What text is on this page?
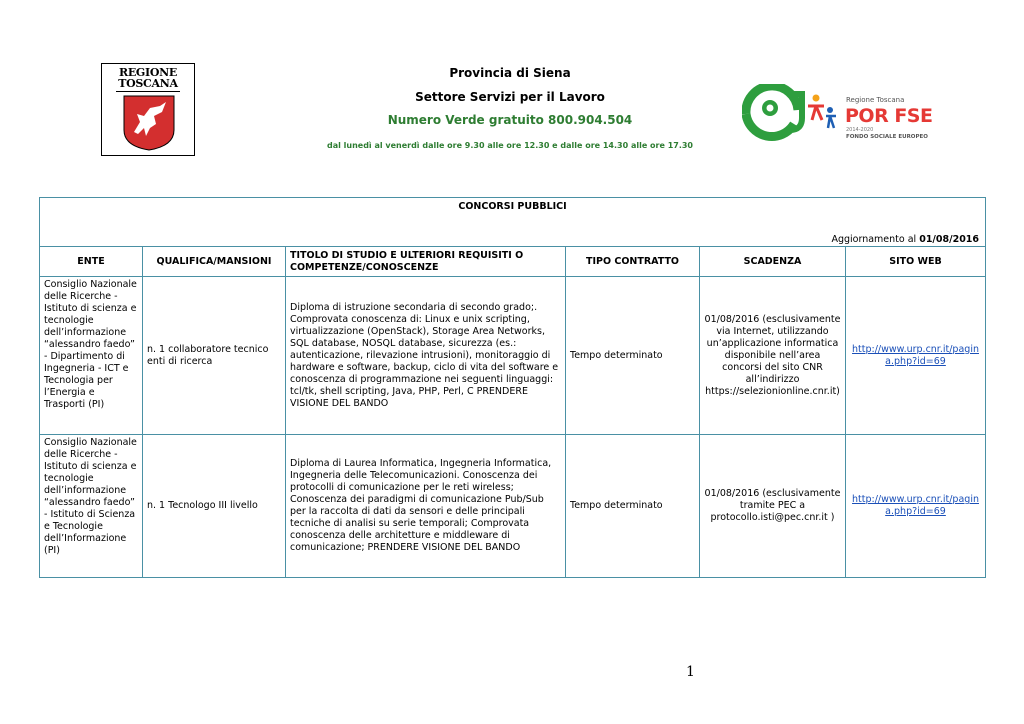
REGIONE TOSCANA
Provincia di Siena
Settore Servizi per il Lavoro
Numero Verde gratuito 800.904.504
dal lunedì al venerdì dalle ore 9.30 alle ore 12.30 e dalle ore 14.30 alle ore 17.30
Regione Toscana
POR FSE
2014-2020
FONDO SOCIALE EUROPEO
CONCORSI PUBBLICI					
Aggiornamento al 01/08/2016					
ENTE	QUALIFICA/MANSIONI	TITOLO DI STUDIO E ULTERIORI REQUISITI O COMPETENZE/CONOSCENZE	TIPO CONTRATTO	SCADENZA	SITO WEB
Consiglio Nazionale delle Ricerche - Istituto di scienza e tecnologie dell’informazione “alessandro faedo” - Dipartimento di Ingegneria - ICT e Tecnologia per l’Energia e Trasporti (PI)	n. 1 collaboratore tecnico enti di ricerca	Diploma di istruzione secondaria di secondo grado;. Comprovata conoscenza di: Linux e unix scripting, virtualizzazione (OpenStack), Storage Area Networks, SQL database, NOSQL database, sicurezza (es.: autenticazione, rilevazione intrusioni), monitoraggio di hardware e software, backup, ciclo di vita del software e conoscenza di programmazione nei seguenti linguaggi: tcl/tk, shell scripting, Java, PHP, Perl, C PRENDERE VISIONE DEL BANDO	Tempo determinato	01/08/2016 (esclusivamente via Internet, utilizzando un’applicazione informatica disponibile nell’area concorsi del sito CNR all’indirizzo https://selezionionline.cnr.it)	http://www.urp.cnr.it/pagina.php?id=69
Consiglio Nazionale delle Ricerche - Istituto di scienza e tecnologie dell’informazione “alessandro faedo” - Istituto di Scienza e Tecnologie dell’Informazione (PI)	n. 1 Tecnologo III livello	Diploma di Laurea Informatica, Ingegneria Informatica, Ingegneria delle Telecomunicazioni. Conoscenza dei protocolli di comunicazione per le reti wireless; Conoscenza dei paradigmi di comunicazione Pub/Sub per la raccolta di dati da sensori e delle principali tecniche di analisi su serie temporali; Comprovata conoscenza delle architetture e middleware di comunicazione; PRENDERE VISIONE DEL BANDO	Tempo determinato	01/08/2016 (esclusivamente tramite PEC a protocollo.isti@pec.cnr.it )	http://www.urp.cnr.it/pagina.php?id=69
1
